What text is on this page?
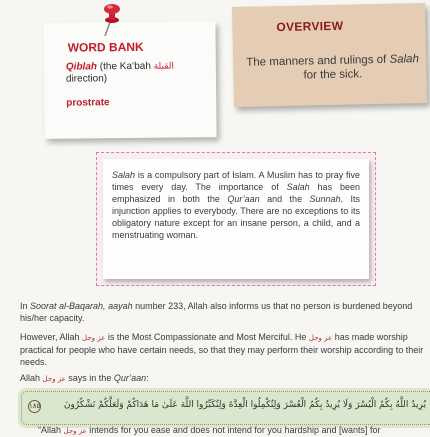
WORD BANK
Qiblah (the Ka‘bah القبلة
direction)
prostrate
OVERVIEW
The manners and rulings of Salah for the sick.
Salah is a compulsory part of Islam. A Muslim has to pray five times every day. The importance of Salah has been emphasized in both the Qur’aan and the Sunnah. Its injunction applies to everybody. There are no exceptions to its obligatory nature except for an insane person, a child, and a menstruating woman.
In Soorat al-Baqarah, aayah number 233, Allah also informs us that no person is burdened beyond his/her capacity.
However, Allah عز وجل is the Most Compassionate and Most Merciful. He عز وجل has made worship practical for people who have certain needs, so that they may perform their worship according to their needs.
Allah عز وجل says in the Qur’aan:
١٨٥	يُرِيدُ اللَّهُ بِكُمُ الْيُسْرَ وَلَا يُرِيدُ بِكُمُ الْعُسْرَ وَلِتُكْمِلُوا الْعِدَّةَ وَلِتُكَبِّرُوا اللَّهَ عَلَىٰ مَا هَدَاكُمْ وَلَعَلَّكُمْ تَشْكُرُونَ
“Allah عز وجل intends for you ease and does not intend for you hardship and [wants] for
